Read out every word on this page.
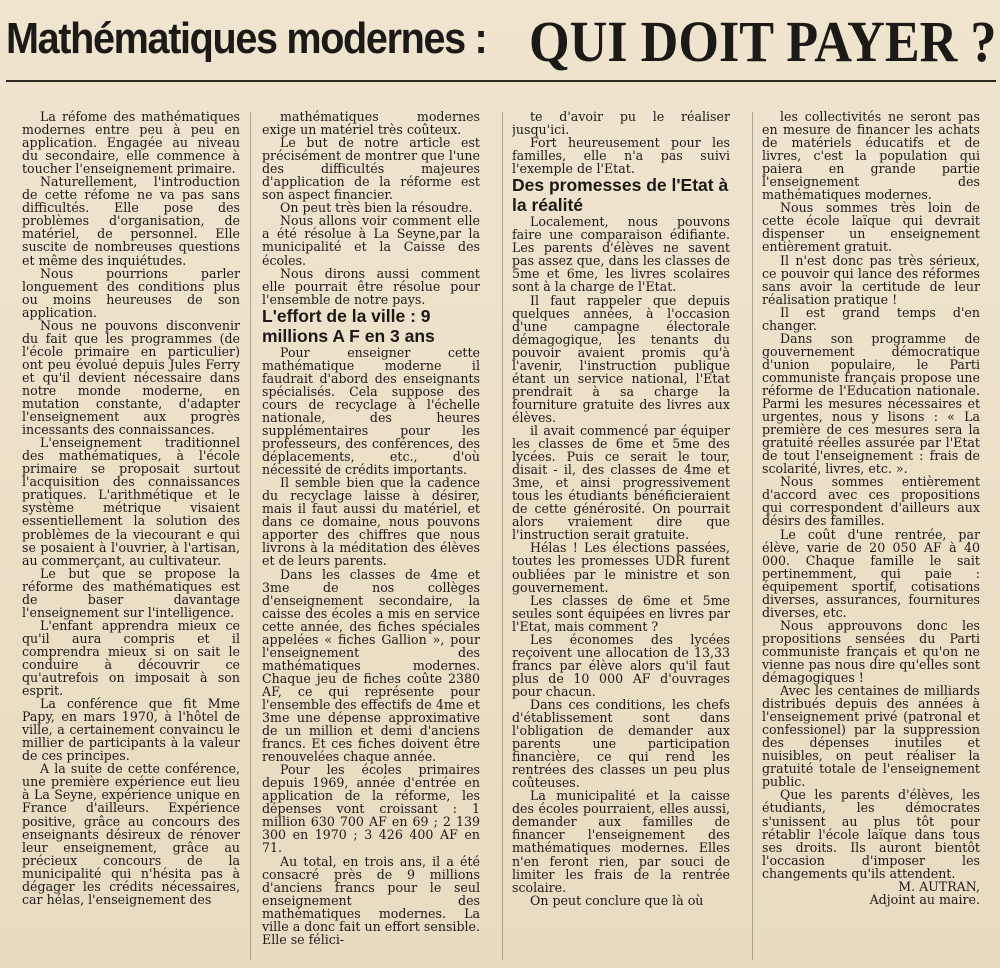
Mathématiques modernes : QUI DOIT PAYER ?

La réfome des mathématiques modernes entre peu à peu en application. Engagée au niveau du secondaire, elle commence à toucher l'enseignement primaire.

Naturellement, l'introduction de cette réfome ne va pas sans difficultés. Elle pose des problèmes d'organisation, de matériel, de personnel. Elle suscite de nombreuses questions et même des inquiétudes.

Nous pourrions parler longuement des conditions plus ou moins heureuses de son application.

Nous ne pouvons disconvenir du fait que les programmes (de l'école primaire en particulier) ont peu évolué depuis Jules Ferry et qu'il devient nécessaire dans notre monde moderne, en mutation constante, d'adapter l'enseignement aux progrès incessants des connaissances.

L'enseignement traditionnel des mathématiques, à l'école primaire se proposait surtout l'acquisition des connaissances pratiques. L'arithmétique et le système métrique visaient essentiellement la solution des problèmes de la viecourant e qui se posaient à l'ouvrier, à l'artisan, au commerçant, au cultivateur.

Le but que se propose la réforme des mathématiques est de baser davantage l'enseignement sur l'intelligence.

L'enfant apprendra mieux ce qu'il aura compris et il comprendra mieux si on sait le conduire à découvrir ce qu'autrefois on imposait à son esprit.

La conférence que fit Mme Papy, en mars 1970, à l'hôtel de ville, a certainement convaincu le millier de participants à la valeur de ces principes.

A la suite de cette conférence, une première expérience eut lieu à La Seyne, expérience unique en France d'ailleurs. Expérience positive, grâce au concours des enseignants désireux de rénover leur enseignement, grâce au précieux concours de la municipalité qui n'hésita pas à dégager les crédits nécessaires, car hélas, l'enseignement des

mathématiques modernes exige un matériel très coûteux.

Le but de notre article est précisément de montrer que l'une des difficultés majeures d'application de la réforme est son aspect financier.

On peut très bien la résoudre.

Nous allons voir comment elle a été résolue à La Seyne,par la municipalité et la Caisse des écoles.

Nous dirons aussi comment elle pourrait être résolue pour l'ensemble de notre pays.

L'effort de la ville : 9 millions A F en 3 ans

Pour enseigner cette mathématique moderne il faudrait d'abord des enseignants spécialisés. Cela suppose des cours de recyclage à l'échelle nationale, des heures supplémentaires pour les professeurs, des conférences, des déplacements, etc., d'où nécessité de crédits importants.

Il semble bien que la cadence du recyclage laisse à désirer, mais il faut aussi du matériel, et dans ce domaine, nous pouvons apporter des chiffres que nous livrons à la méditation des élèves et de leurs parents.

Dans les classes de 4me et 3me de nos collèges d'enseignement secondaire, la caisse des écoles a mis en service cette année, des fiches spéciales appelées « fiches Gallion », pour l'enseignement des mathématiques modernes. Chaque jeu de fiches coûte 2380 AF, ce qui représente pour l'ensemble des effectifs de 4me et 3me une dépense approximative de un million et demi d'anciens francs. Et ces fiches doivent être renouvelées chaque année.

Pour les écoles primaires depuis 1969, année d'entrée en application de la réforme, les dépenses vont croissant : 1 million 630 700 AF en 69 ; 2 139 300 en 1970 ; 3 426 400 AF en 71.

Au total, en trois ans, il a été consacré près de 9 millions d'anciens francs pour le seul enseignement des mathématiques modernes. La ville a donc fait un effort sensible. Elle se félici-

te d'avoir pu le réaliser jusqu'ici.

Fort heureusement pour les familles, elle n'a pas suivi l'exemple de l'Etat.

Des promesses de l'Etat à la réalité

Localement, nous pouvons faire une comparaison édifiante. Les parents d'élèves ne savent pas assez que, dans les classes de 5me et 6me, les livres scolaires sont à la charge de l'Etat.

Il faut rappeler que depuis quelques années, à l'occasion d'une campagne électorale démagogique, les tenants du pouvoir avaient promis qu'à l'avenir, l'instruction publique étant un service national, l'Etat prendrait à sa charge la fourniture gratuite des livres aux élèves.

il avait commencé par équiper les classes de 6me et 5me des lycées. Puis ce serait le tour, disait - il, des classes de 4me et 3me, et ainsi progressivement tous les étudiants bénéficieraient de cette générosité. On pourrait alors vraiement dire que l'instruction serait gratuite.

Hélas ! Les élections passées, toutes les promesses UDR furent oubliées par le ministre et son gouvernement.

Les classes de 6me et 5me seules sont équipées en livres par l'Etat, mais comment ?

Les économes des lycées reçoivent une allocation de 13,33 francs par élève alors qu'il faut plus de 10 000 AF d'ouvrages pour chacun.

Dans ces conditions, les chefs d'établissement sont dans l'obligation de demander aux parents une participation financière, ce qui rend les rentrées des classes un peu plus coûteuses.

La municipalité et la caisse des écoles pourraient, elles aussi, demander aux familles de financer l'enseignement des mathématiques modernes. Elles n'en feront rien, par souci de limiter les frais de la rentrée scolaire.

On peut conclure que là où

les collectivités ne seront pas en mesure de financer les achats de matériels éducatifs et de livres, c'est la population qui paiera en grande partie l'enseignement des mathématiques modernes.

Nous sommes très loin de cette école laïque qui devrait dispenser un enseignement entièrement gratuit.

Il n'est donc pas très sérieux, ce pouvoir qui lance des réformes sans avoir la certitude de leur réalisation pratique !

Il est grand temps d'en changer.

Dans son programme de gouvernement démocratique d'union populaire, le Parti communiste français propose une réforme de l'Education nationale. Parmi les mesures nécessaires et urgentes, nous y lisons : « La première de ces mesures sera la gratuité réelles assurée par l'Etat de tout l'enseignement : frais de scolarité, livres, etc. ».

Nous sommes entièrement d'accord avec ces propositions qui correspondent d'ailleurs aux désirs des familles.

Le coût d'une rentrée, par élève, varie de 20 050 AF à 40 000. Chaque famille le sait pertinemment, qui paie : équipement sportif, cotisations diverses, assurances, fournitures diverses, etc.

Nous approuvons donc les propositions sensées du Parti communiste français et qu'on ne vienne pas nous dire qu'elles sont démagogiques !

Avec les centaines de milliards distribués depuis des années à l'enseignement privé (patronal et confessionel) par la suppression des dépenses inutiles et nuisibles, on peut réaliser la gratuité totale de l'enseignement public.

Que les parents d'élèves, les étudiants, les démocrates s'unissent au plus tôt pour rétablir l'école laïque dans tous ses droits. Ils auront bientôt l'occasion d'imposer les changements qu'ils attendent.

M. AUTRAN,

Adjoint au maire.
